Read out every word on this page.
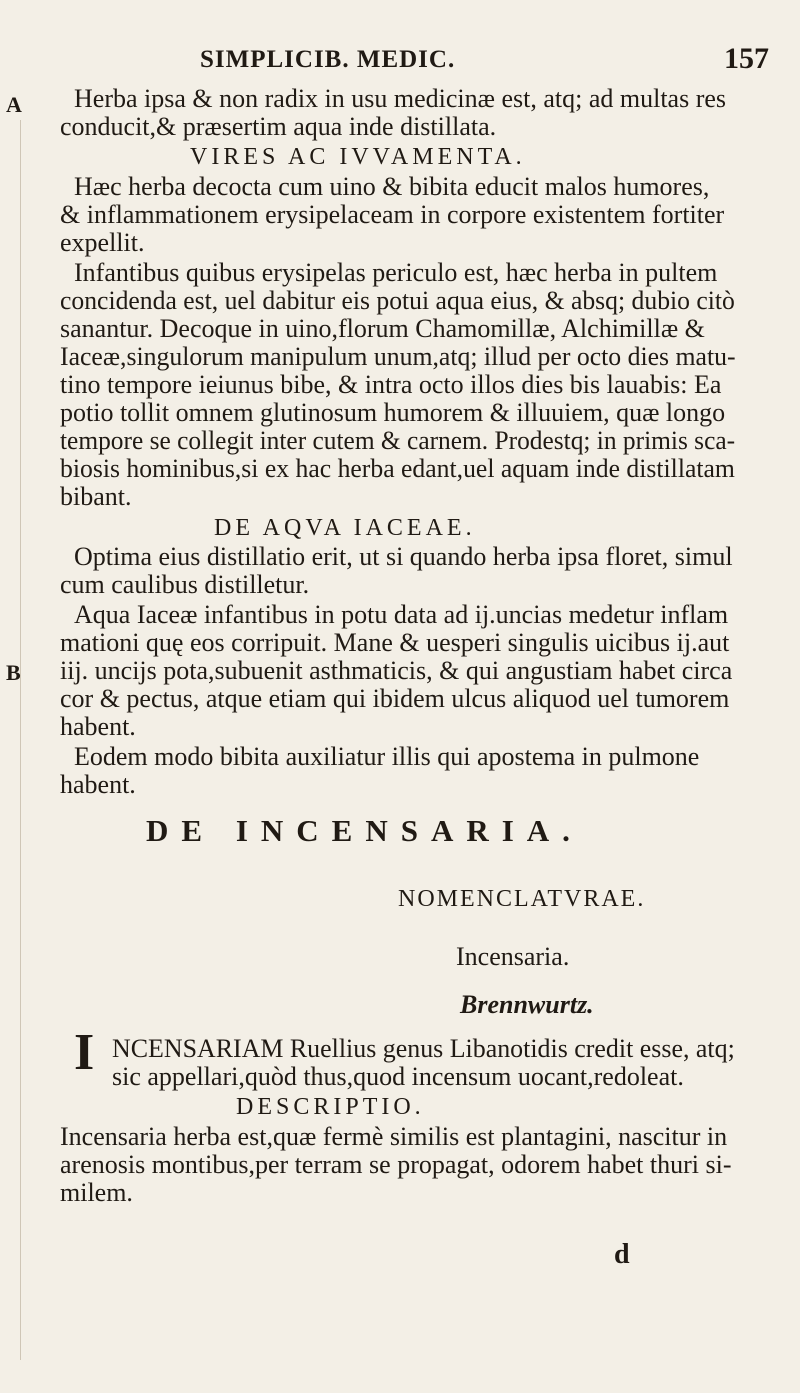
SIMPLICIB. MEDIC.	157
A
B
Herba ipsa & non radix in usu medicinæ est, atq; ad multas res
conducit,& præsertim aqua inde distillata.
VIRES AC IVVAMENTA.
Hæc herba decocta cum uino & bibita educit malos humores,
& inflammationem erysipelaceam in corpore existentem fortiter
expellit.
Infantibus quibus erysipelas periculo est, hæc herba in pultem
concidenda est, uel dabitur eis potui aqua eius, & absq; dubio citò
sanantur. Decoque in uino,florum Chamomillæ, Alchimillæ &
Iaceæ,singulorum manipulum unum,atq; illud per octo dies matu-
tino tempore ieiunus bibe, & intra octo illos dies bis lauabis: Ea
potio tollit omnem glutinosum humorem & illuuiem, quæ longo
tempore se collegit inter cutem & carnem. Prodestq; in primis sca-
biosis hominibus,si ex hac herba edant,uel aquam inde distillatam
bibant.
DE AQVA IACEAE.
Optima eius distillatio erit, ut si quando herba ipsa floret, simul
cum caulibus distilletur.
Aqua Iaceæ infantibus in potu data ad ij.uncias medetur inflam
mationi quę eos corripuit. Mane & uesperi singulis uicibus ij.aut
iij. uncijs pota,subuenit asthmaticis, & qui angustiam habet circa
cor & pectus, atque etiam qui ibidem ulcus aliquod uel tumorem
habent.
Eodem modo bibita auxiliatur illis qui apostema in pulmone
habent.
DE INCENSARIA.
NOMENCLATVRAE.
Incensaria.
Brennwurtz.
I NCENSARIAM Ruellius genus Libanotidis credit esse, atq;
sic appellari,quòd thus,quod incensum uocant,redoleat.
DESCRIPTIO.
Incensaria herba est,quæ fermè similis est plantagini, nascitur in
arenosis montibus,per terram se propagat, odorem habet thuri si-
milem.
d
